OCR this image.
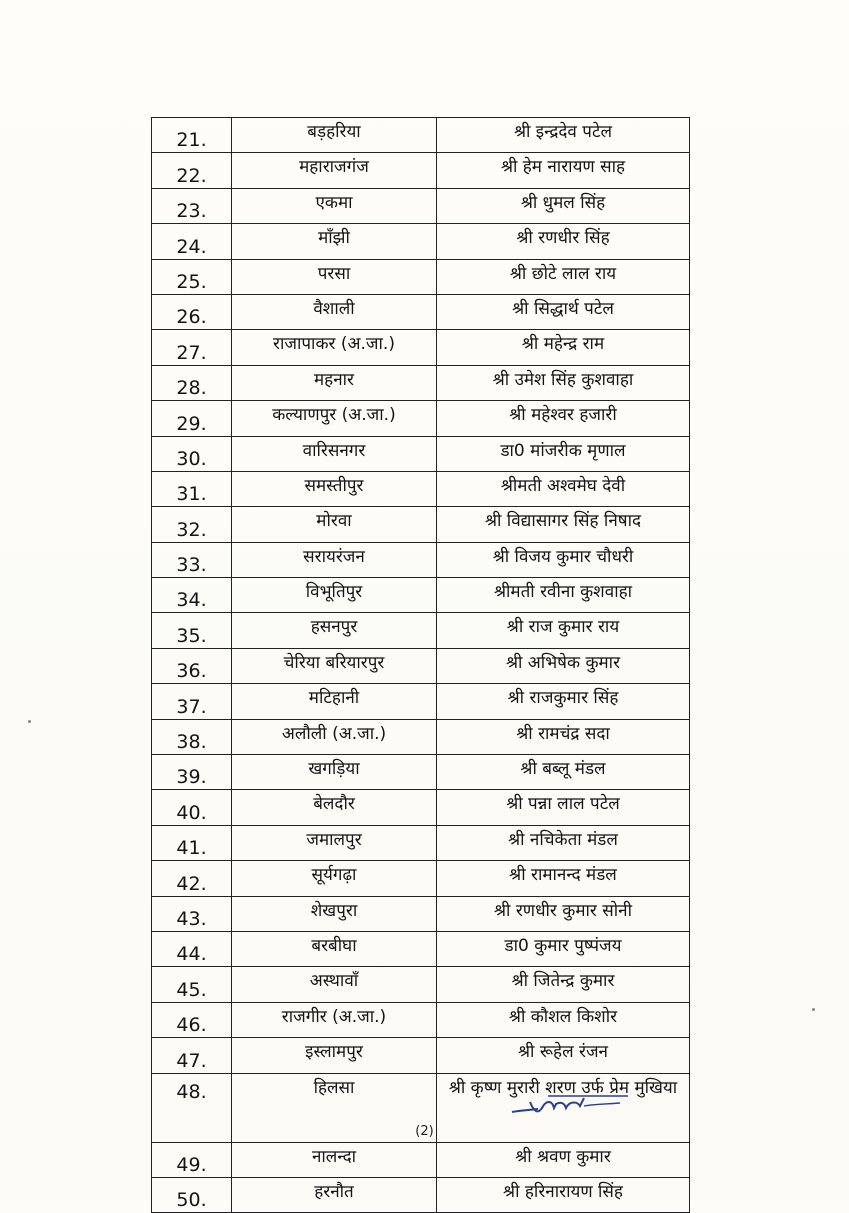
21.	बड़हरिया	श्री इन्द्रदेव पटेल
22.	महाराजगंज	श्री हेम नारायण साह
23.	एकमा	श्री धुमल सिंह
24.	माँझी	श्री रणधीर सिंह
25.	परसा	श्री छोटे लाल राय
26.	वैशाली	श्री सिद्धार्थ पटेल
27.	राजापाकर (अ.जा.)	श्री महेन्द्र राम
28.	महनार	श्री उमेश सिंह कुशवाहा
29.	कल्याणपुर (अ.जा.)	श्री महेश्वर हजारी
30.	वारिसनगर	डा0 मांजरीक मृणाल
31.	समस्तीपुर	श्रीमती अश्वमेघ देवी
32.	मोरवा	श्री विद्यासागर सिंह निषाद
33.	सरायरंजन	श्री विजय कुमार चौधरी
34.	विभूतिपुर	श्रीमती रवीना कुशवाहा
35.	हसनपुर	श्री राज कुमार राय
36.	चेरिया बरियारपुर	श्री अभिषेक कुमार
37.	मटिहानी	श्री राजकुमार सिंह
38.	अलौली (अ.जा.)	श्री रामचंद्र सदा
39.	खगड़िया	श्री बब्लू मंडल
40.	बेलदौर	श्री पन्ना लाल पटेल
41.	जमालपुर	श्री नचिकेता मंडल
42.	सूर्यगढ़ा	श्री रामानन्द मंडल
43.	शेखपुरा	श्री रणधीर कुमार सोनी
44.	बरबीघा	डा0 कुमार पुष्पंजय
45.	अस्थावाँ	श्री जितेन्द्र कुमार
46.	राजगीर (अ.जा.)	श्री कौशल किशोर
47.	इस्लामपुर	श्री रूहेल रंजन
48.	हिलसा	श्री कृष्ण मुरारी शरण उर्फ प्रेम मुखिया
49.	नालन्दा	श्री श्रवण कुमार
50.	हरनौत	श्री हरिनारायण सिंह
(2)
